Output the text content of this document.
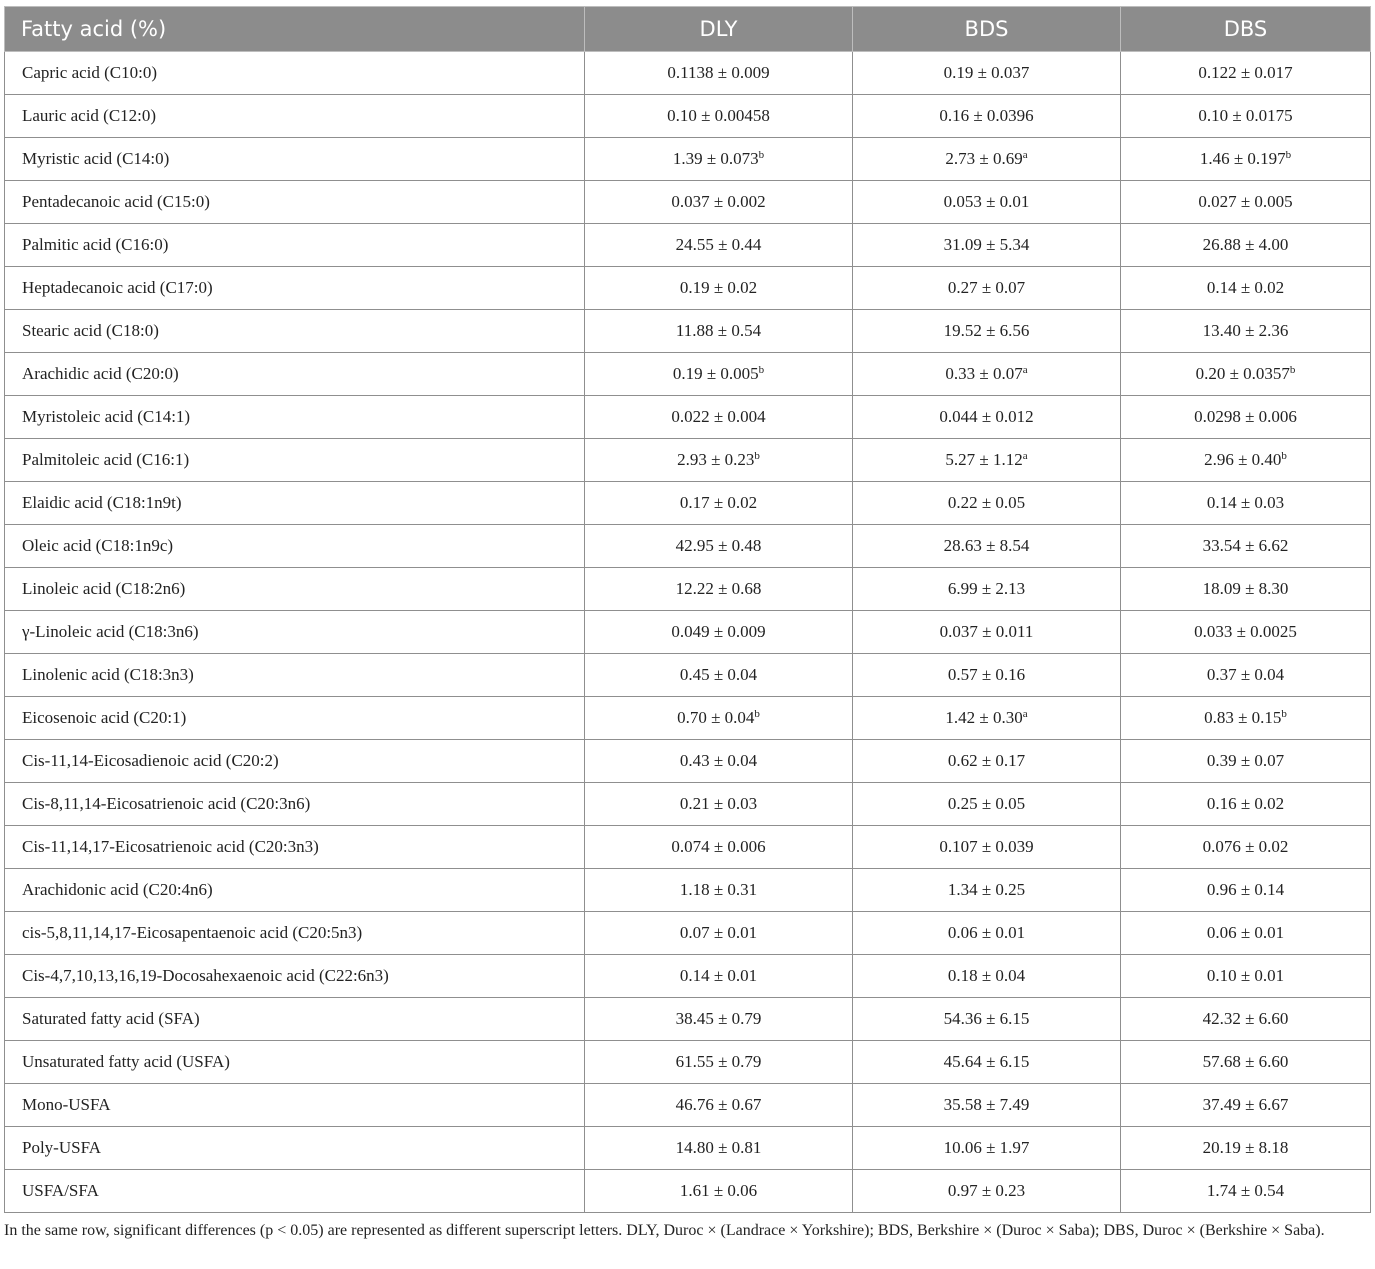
Fatty acid (%)	DLY	BDS	DBS
Capric acid (C10:0)	0.1138 ± 0.009	0.19 ± 0.037	0.122 ± 0.017
Lauric acid (C12:0)	0.10 ± 0.00458	0.16 ± 0.0396	0.10 ± 0.0175
Myristic acid (C14:0)	1.39 ± 0.073$^b$	2.73 ± 0.69$^a$	1.46 ± 0.197$^b$
Pentadecanoic acid (C15:0)	0.037 ± 0.002	0.053 ± 0.01	0.027 ± 0.005
Palmitic acid (C16:0)	24.55 ± 0.44	31.09 ± 5.34	26.88 ± 4.00
Heptadecanoic acid (C17:0)	0.19 ± 0.02	0.27 ± 0.07	0.14 ± 0.02
Stearic acid (C18:0)	11.88 ± 0.54	19.52 ± 6.56	13.40 ± 2.36
Arachidic acid (C20:0)	0.19 ± 0.005$^b$	0.33 ± 0.07$^a$	0.20 ± 0.0357$^b$
Myristoleic acid (C14:1)	0.022 ± 0.004	0.044 ± 0.012	0.0298 ± 0.006
Palmitoleic acid (C16:1)	2.93 ± 0.23$^b$	5.27 ± 1.12$^a$	2.96 ± 0.40$^b$
Elaidic acid (C18:1n9t)	0.17 ± 0.02	0.22 ± 0.05	0.14 ± 0.03
Oleic acid (C18:1n9c)	42.95 ± 0.48	28.63 ± 8.54	33.54 ± 6.62
Linoleic acid (C18:2n6)	12.22 ± 0.68	6.99 ± 2.13	18.09 ± 8.30
γ-Linoleic acid (C18:3n6)	0.049 ± 0.009	0.037 ± 0.011	0.033 ± 0.0025
Linolenic acid (C18:3n3)	0.45 ± 0.04	0.57 ± 0.16	0.37 ± 0.04
Eicosenoic acid (C20:1)	0.70 ± 0.04$^b$	1.42 ± 0.30$^a$	0.83 ± 0.15$^b$
Cis-11,14-Eicosadienoic acid (C20:2)	0.43 ± 0.04	0.62 ± 0.17	0.39 ± 0.07
Cis-8,11,14-Eicosatrienoic acid (C20:3n6)	0.21 ± 0.03	0.25 ± 0.05	0.16 ± 0.02
Cis-11,14,17-Eicosatrienoic acid (C20:3n3)	0.074 ± 0.006	0.107 ± 0.039	0.076 ± 0.02
Arachidonic acid (C20:4n6)	1.18 ± 0.31	1.34 ± 0.25	0.96 ± 0.14
cis-5,8,11,14,17-Eicosapentaenoic acid (C20:5n3)	0.07 ± 0.01	0.06 ± 0.01	0.06 ± 0.01
Cis-4,7,10,13,16,19-Docosahexaenoic acid (C22:6n3)	0.14 ± 0.01	0.18 ± 0.04	0.10 ± 0.01
Saturated fatty acid (SFA)	38.45 ± 0.79	54.36 ± 6.15	42.32 ± 6.60
Unsaturated fatty acid (USFA)	61.55 ± 0.79	45.64 ± 6.15	57.68 ± 6.60
Mono-USFA	46.76 ± 0.67	35.58 ± 7.49	37.49 ± 6.67
Poly-USFA	14.80 ± 0.81	10.06 ± 1.97	20.19 ± 8.18
USFA/SFA	1.61 ± 0.06	0.97 ± 0.23	1.74 ± 0.54
In the same row, significant differences (p < 0.05) are represented as different superscript letters. DLY, Duroc × (Landrace × Yorkshire); BDS, Berkshire × (Duroc × Saba); DBS, Duroc × (Berkshire × Saba).
